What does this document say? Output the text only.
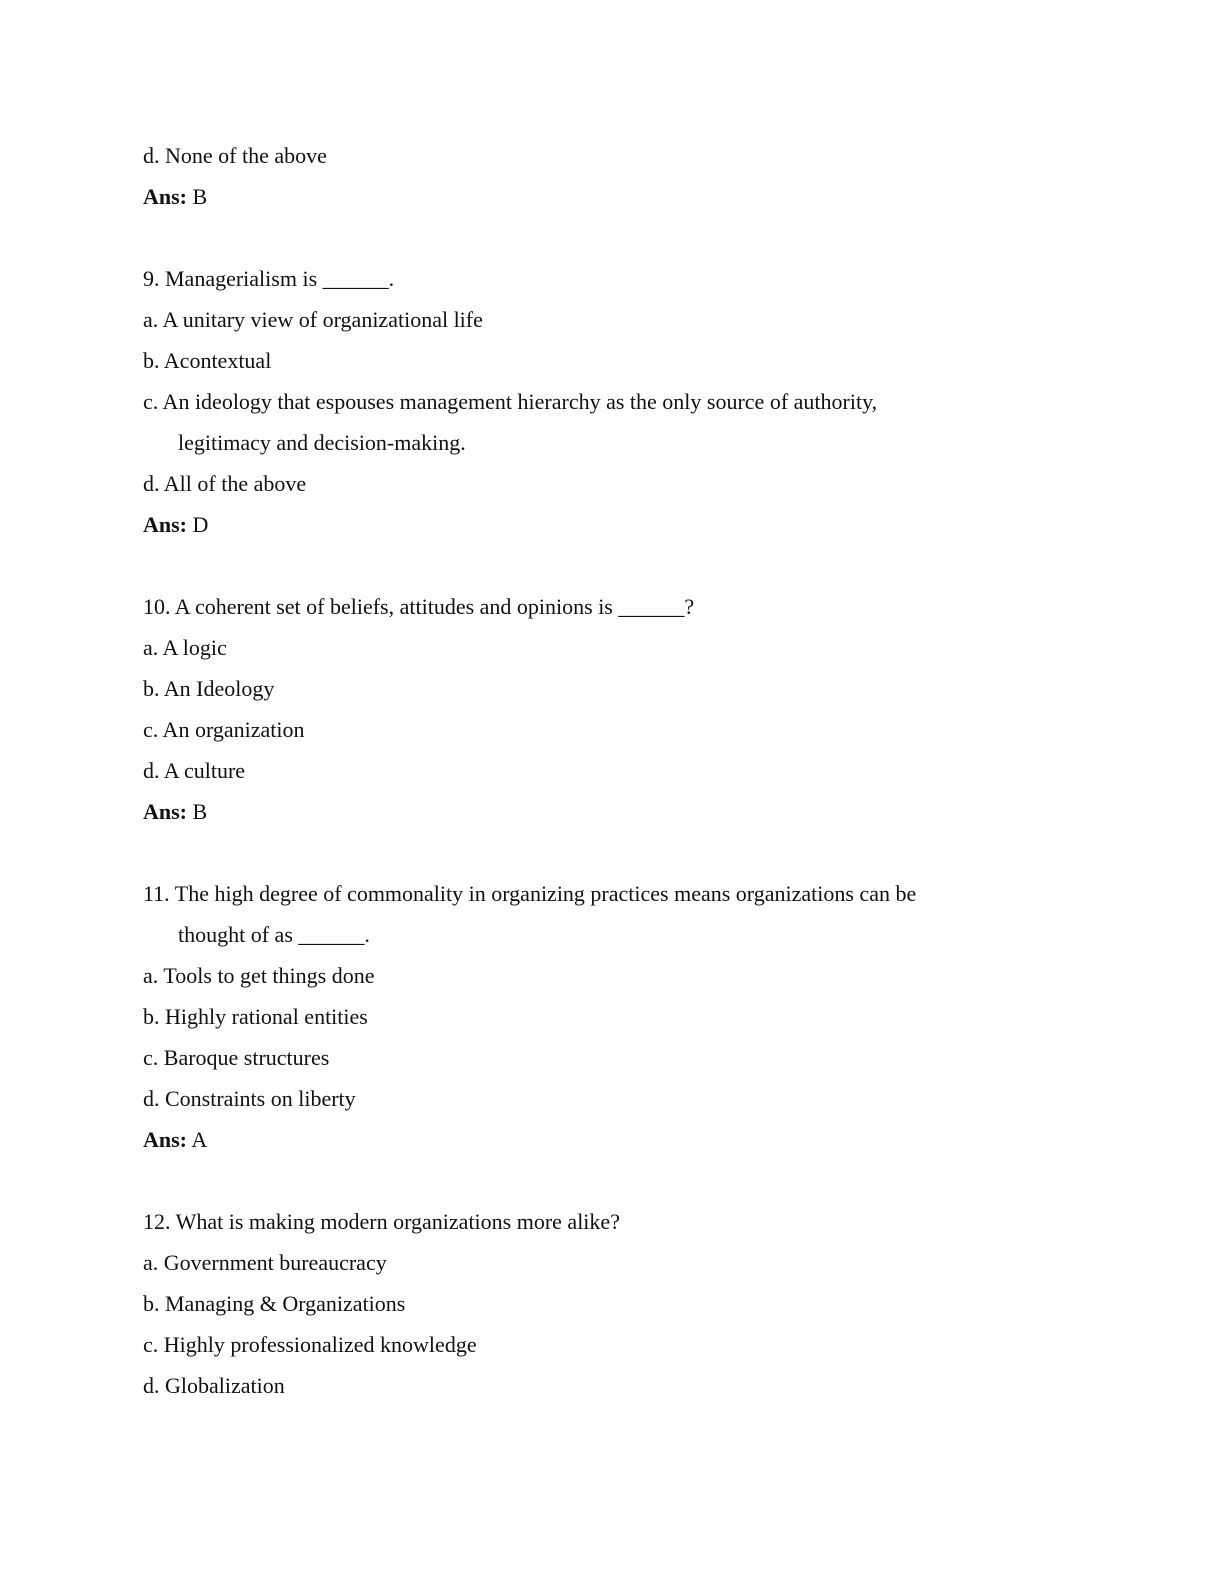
d. None of the above
Ans: B
9. Managerialism is ______.
a. A unitary view of organizational life
b. Acontextual
c. An ideology that espouses management hierarchy as the only source of authority,
legitimacy and decision-making.
d. All of the above
Ans: D
10. A coherent set of beliefs, attitudes and opinions is ______?
a. A logic
b. An Ideology
c. An organization
d. A culture
Ans: B
11. The high degree of commonality in organizing practices means organizations can be
thought of as ______.
a. Tools to get things done
b. Highly rational entities
c. Baroque structures
d. Constraints on liberty
Ans: A
12. What is making modern organizations more alike?
a. Government bureaucracy
b. Managing & Organizations
c. Highly professionalized knowledge
d. Globalization
